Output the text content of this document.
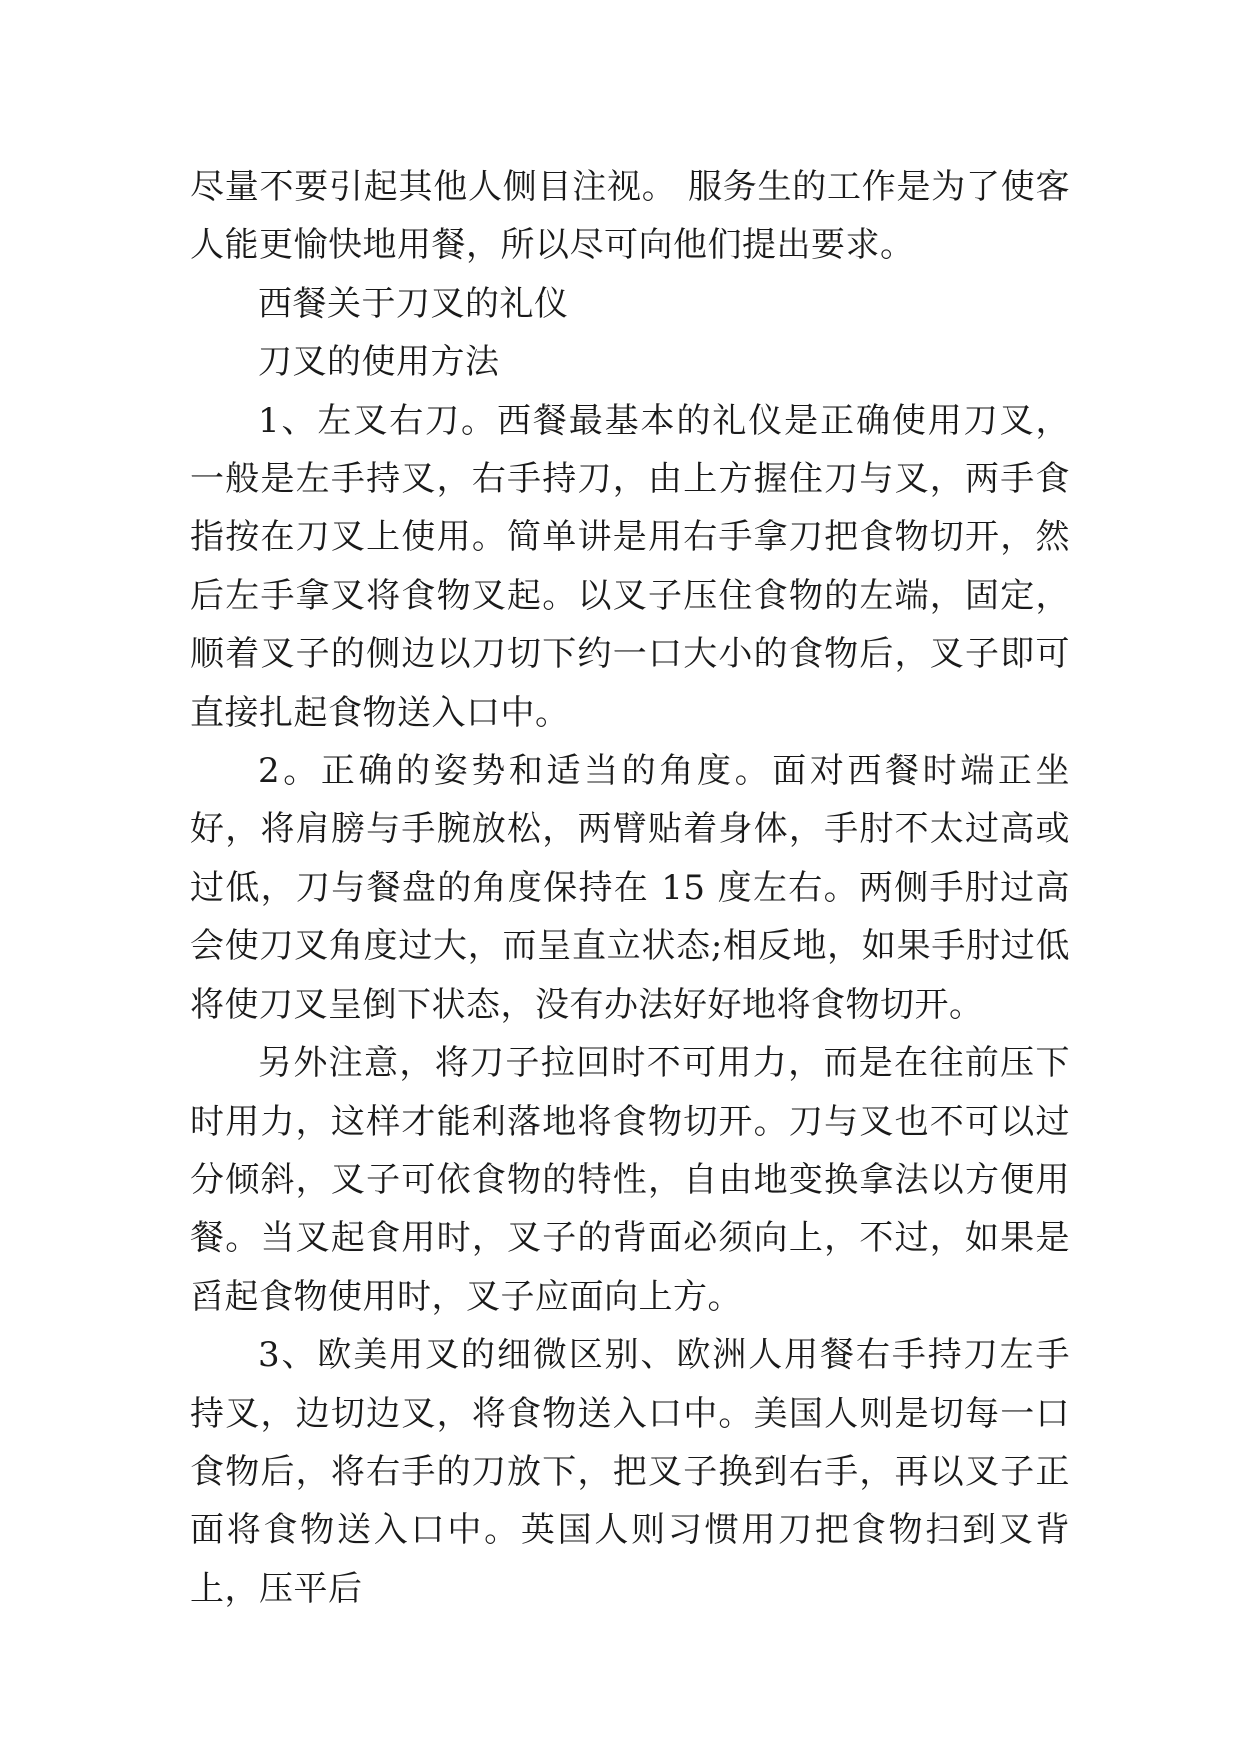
尽量不要引起其他人侧目注视。 服务生的工作是为了使客人能更愉快地用餐，所以尽可向他们提出要求。

西餐关于刀叉的礼仪

刀叉的使用方法

1、左叉右刀。西餐最基本的礼仪是正确使用刀叉，一般是左手持叉，右手持刀，由上方握住刀与叉，两手食指按在刀叉上使用。简单讲是用右手拿刀把食物切开，然后左手拿叉将食物叉起。以叉子压住食物的左端，固定，顺着叉子的侧边以刀切下约一口大小的食物后，叉子即可直接扎起食物送入口中。

2。正确的姿势和适当的角度。面对西餐时端正坐好，将肩膀与手腕放松，两臂贴着身体，手肘不太过高或过低，刀与餐盘的角度保持在 15 度左右。两侧手肘过高会使刀叉角度过大，而呈直立状态;相反地，如果手肘过低将使刀叉呈倒下状态，没有办法好好地将食物切开。

另外注意，将刀子拉回时不可用力，而是在往前压下时用力，这样才能利落地将食物切开。刀与叉也不可以过分倾斜，叉子可依食物的特性，自由地变换拿法以方便用餐。当叉起食用时，叉子的背面必须向上，不过，如果是舀起食物使用时，叉子应面向上方。

3、欧美用叉的细微区别、欧洲人用餐右手持刀左手持叉，边切边叉，将食物送入口中。美国人则是切每一口食物后，将右手的刀放下，把叉子换到右手，再以叉子正面将食物送入口中。英国人则习惯用刀把食物扫到叉背上，压平后
